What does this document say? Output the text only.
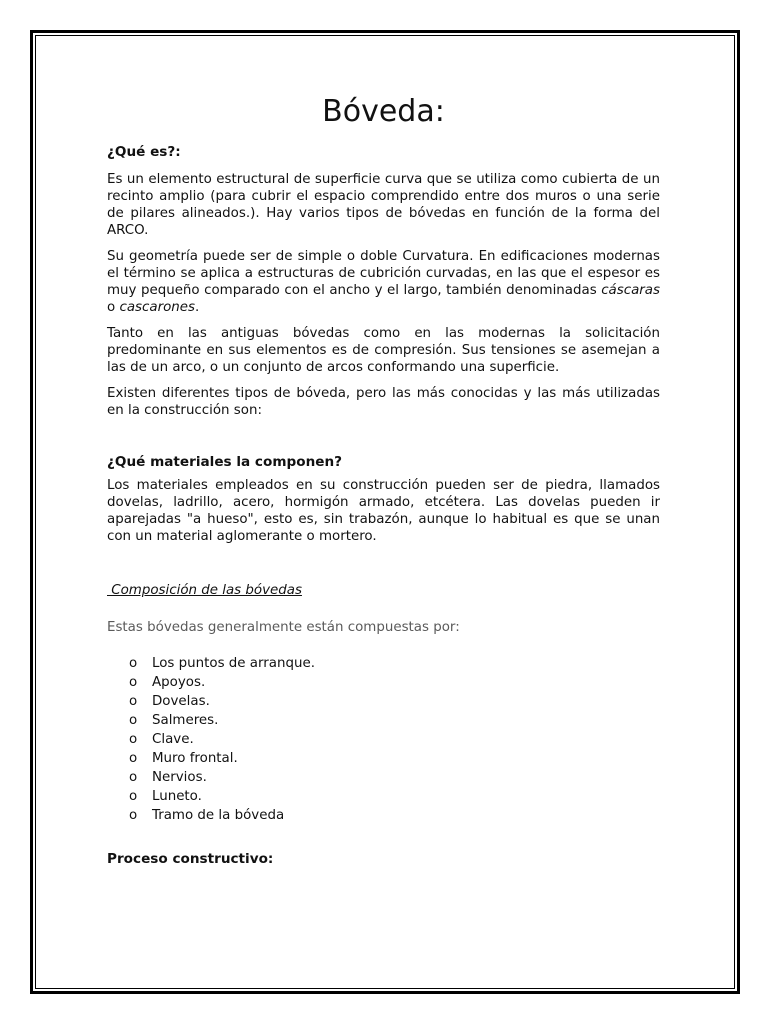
Bóveda:
¿Qué es?:

Es un elemento estructural de superficie curva que se utiliza como cubierta de un recinto amplio (para cubrir el espacio comprendido entre dos muros o una serie de pilares alineados.). Hay varios tipos de bóvedas en función de la forma del ARCO.

Su geometría puede ser de simple o doble Curvatura. En edificaciones modernas el término se aplica a estructuras de cubrición curvadas, en las que el espesor es muy pequeño comparado con el ancho y el largo, también denominadas cáscaras o cascarones.

Tanto en las antiguas bóvedas como en las modernas la solicitación predominante en sus elementos es de compresión. Sus tensiones se asemejan a las de un arco, o un conjunto de arcos conformando una superficie.

Existen diferentes tipos de bóveda, pero las más conocidas y las más utilizadas en la construcción son:

¿Qué materiales la componen?

Los materiales empleados en su construcción pueden ser de piedra, llamados dovelas, ladrillo, acero, hormigón armado, etcétera. Las dovelas pueden ir aparejadas "a hueso", esto es, sin trabazón, aunque lo habitual es que se unan con un material aglomerante o mortero.

Composición de las bóvedas
Estas bóvedas generalmente están compuestas por:
o Los puntos de arranque.
o Apoyos.
o Dovelas.
o Salmeres.
o Clave.
o Muro frontal.
o Nervios.
o Luneto.
o Tramo de la bóveda
Proceso constructivo:
